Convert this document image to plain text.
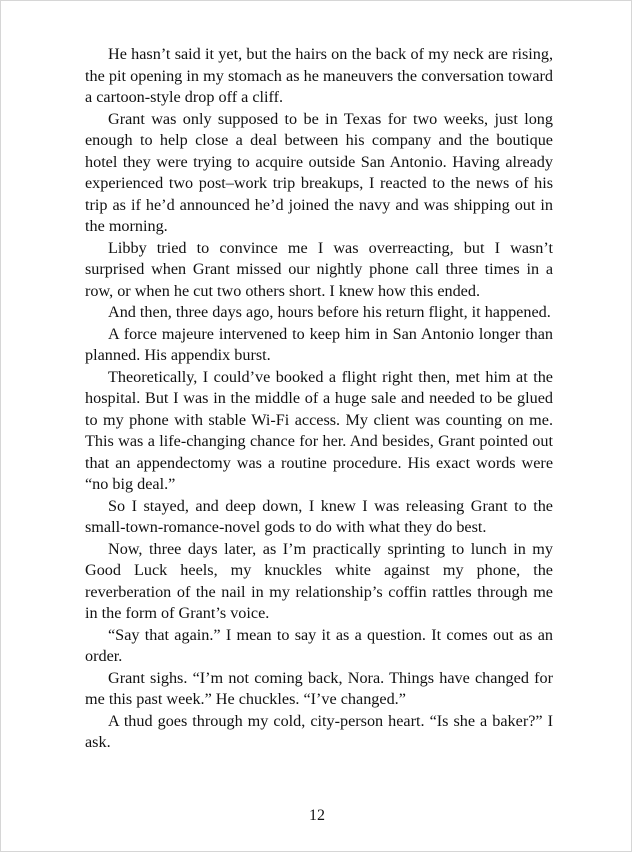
He hasn’t said it yet, but the hairs on the back of my neck are rising, the pit opening in my stomach as he maneuvers the conversation toward a cartoon-style drop off a cliff.

Grant was only supposed to be in Texas for two weeks, just long enough to help close a deal between his company and the boutique hotel they were trying to acquire outside San Antonio. Having already experienced two post–work trip breakups, I reacted to the news of his trip as if he’d announced he’d joined the navy and was shipping out in the morning.

Libby tried to convince me I was overreacting, but I wasn’t surprised when Grant missed our nightly phone call three times in a row, or when he cut two others short. I knew how this ended.

And then, three days ago, hours before his return flight, it happened.

A force majeure intervened to keep him in San Antonio longer than planned. His appendix burst.

Theoretically, I could’ve booked a flight right then, met him at the hospital. But I was in the middle of a huge sale and needed to be glued to my phone with stable Wi-Fi access. My client was counting on me. This was a life-changing chance for her. And besides, Grant pointed out that an appendectomy was a routine procedure. His exact words were “no big deal.”

So I stayed, and deep down, I knew I was releasing Grant to the small-town-romance-novel gods to do with what they do best.

Now, three days later, as I’m practically sprinting to lunch in my Good Luck heels, my knuckles white against my phone, the reverberation of the nail in my relationship’s coffin rattles through me in the form of Grant’s voice.

“Say that again.” I mean to say it as a question. It comes out as an order.

Grant sighs. “I’m not coming back, Nora. Things have changed for me this past week.” He chuckles. “I’ve changed.”

A thud goes through my cold, city-person heart. “Is she a baker?” I ask.

12
